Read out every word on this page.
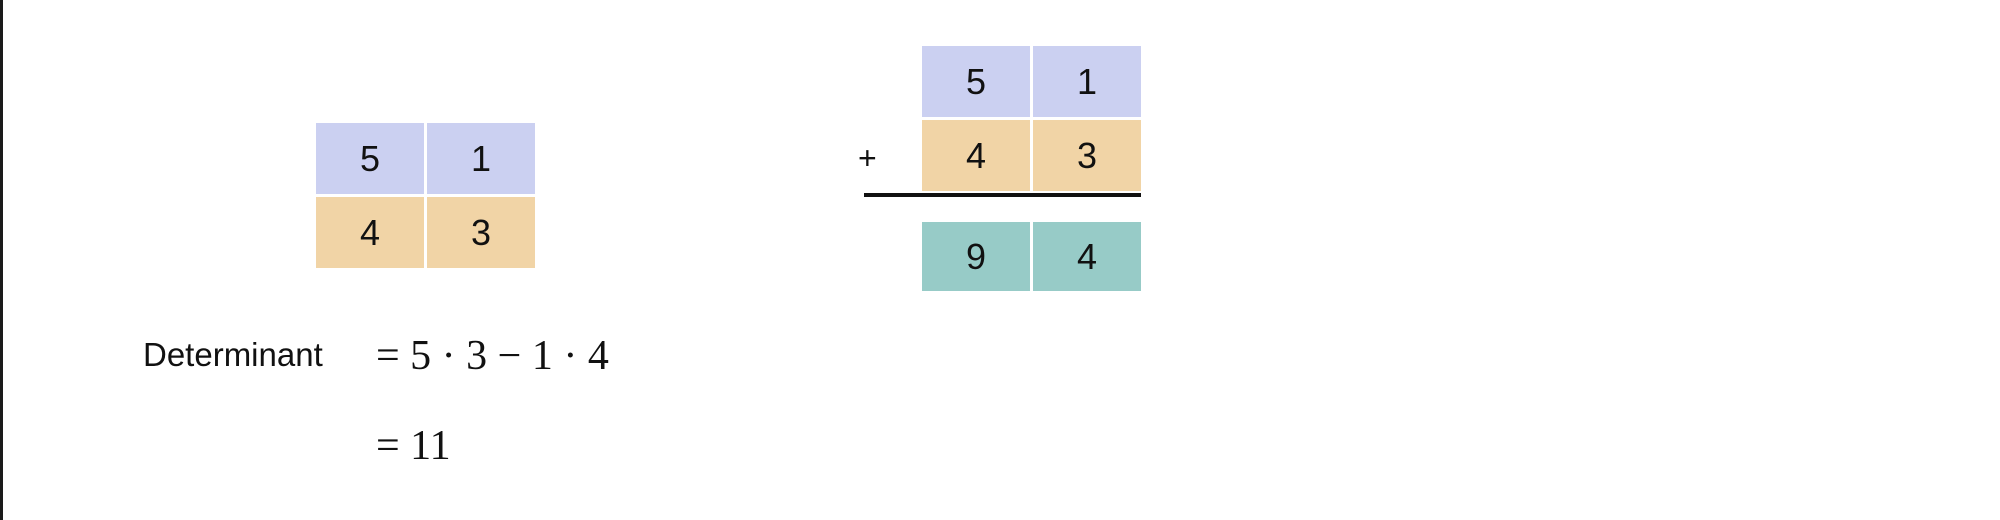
5	1
4	3
5	1
4	3
+
9	4
Determinant = 5 · 3 − 1 · 4
= 11
